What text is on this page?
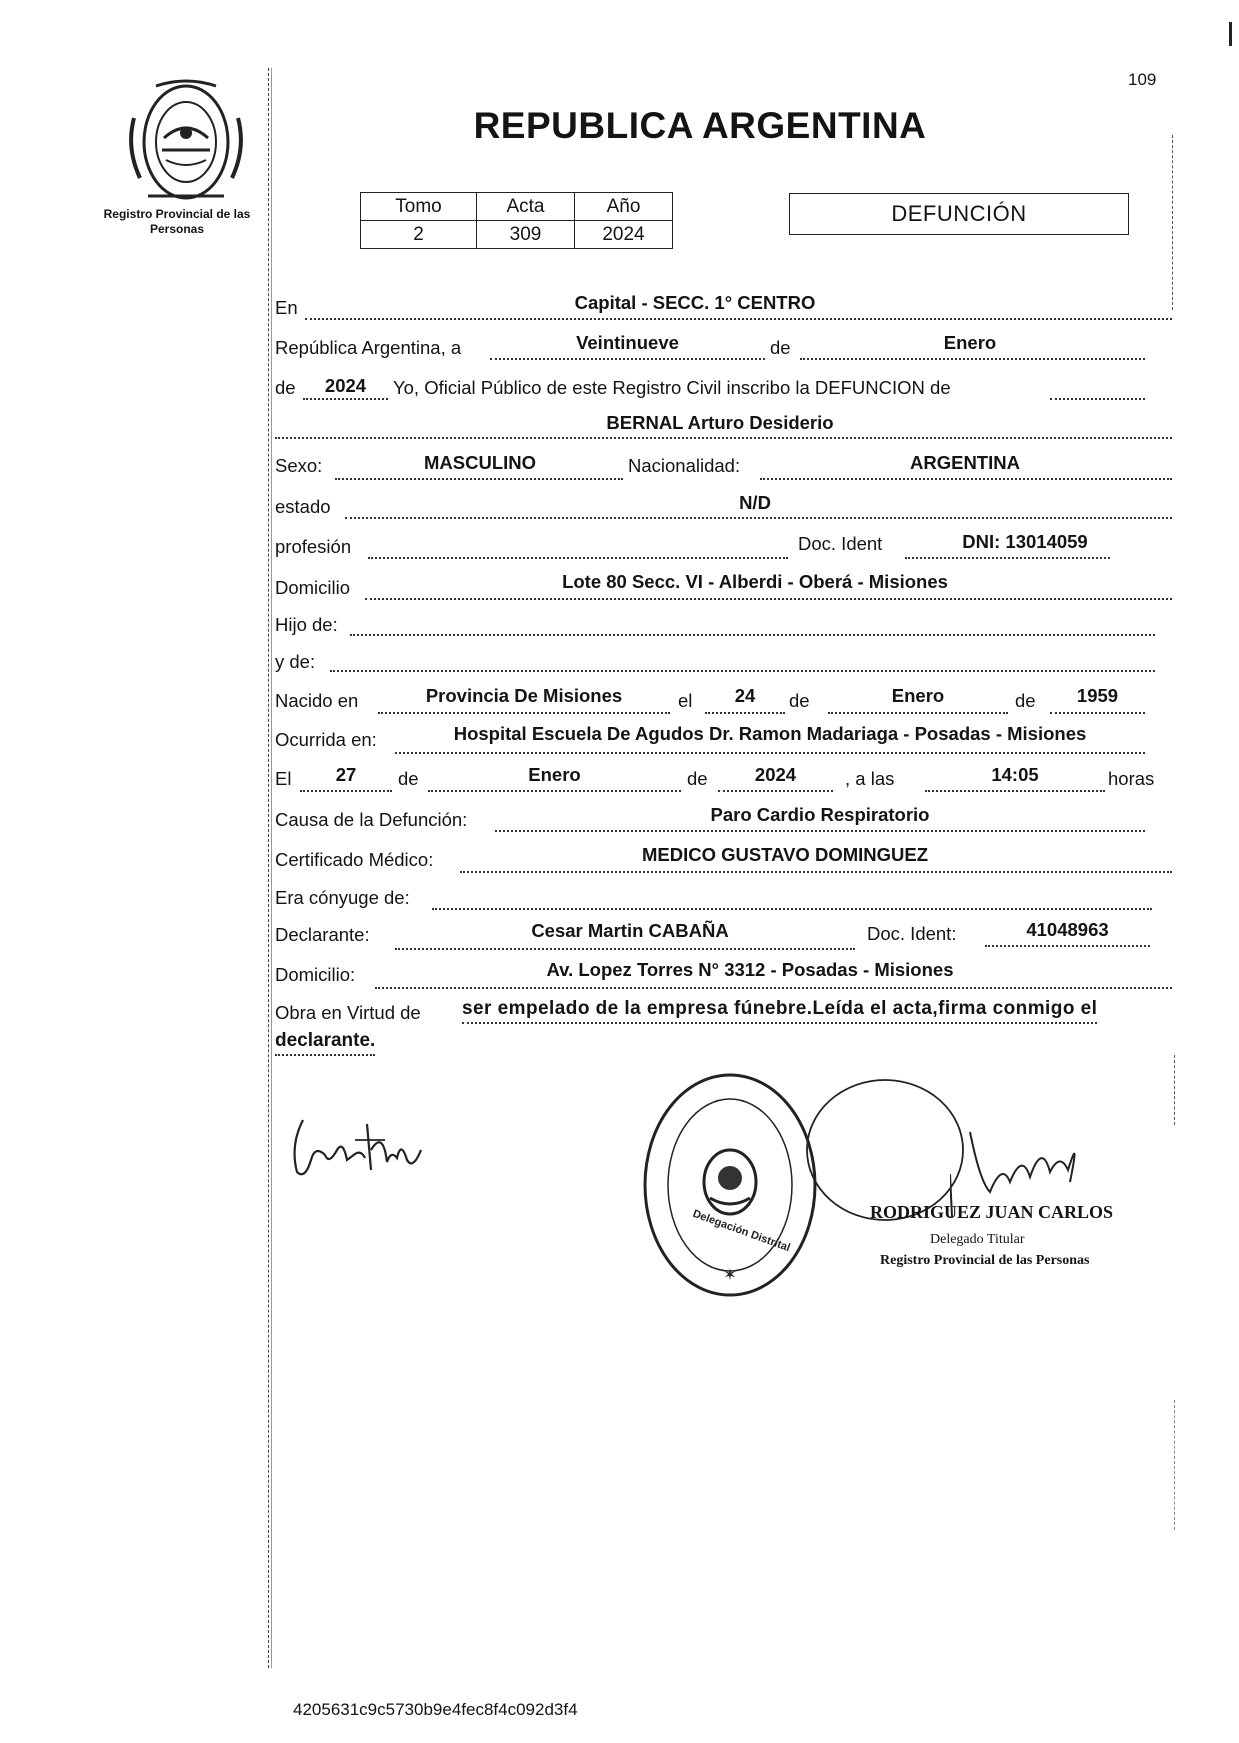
109
Registro Provincial de las Personas
REPUBLICA ARGENTINA
Tomo	Acta	Año
2	309	2024
DEFUNCIÓN
En	Capital - SECC. 1° CENTRO
República Argentina, a	Veintinueve	de	Enero
de	2024	Yo, Oficial Público de este Registro Civil inscribo la DEFUNCION de
BERNAL Arturo Desiderio
Sexo:	MASCULINO	Nacionalidad:	ARGENTINA
estado	N/D
profesión	Doc. Ident	DNI: 13014059
Domicilio	Lote 80 Secc. VI - Alberdi - Oberá - Misiones
Hijo de:
y de:
Nacido en	Provincia De Misiones	el	24	de	Enero	de	1959
Ocurrida en:	Hospital Escuela De Agudos Dr. Ramon Madariaga - Posadas - Misiones
El	27	de	Enero	de	2024	, a las	14:05	horas
Causa de la Defunción:	Paro Cardio Respiratorio
Certificado Médico:	MEDICO GUSTAVO DOMINGUEZ
Era cónyuge de:
Declarante:	Cesar Martin CABAÑA	Doc. Ident:	41048963
Domicilio:	Av. Lopez Torres N° 3312 - Posadas - Misiones
Obra en Virtud de ser empelado de la empresa fúnebre.Leída el acta,firma conmigo el
declarante.
✶
Delegación Distrital	RODRIGUEZ JUAN CARLOS
Delegado Titular
Registro Provincial de las Personas
4205631c9c5730b9e4fec8f4c092d3f4
